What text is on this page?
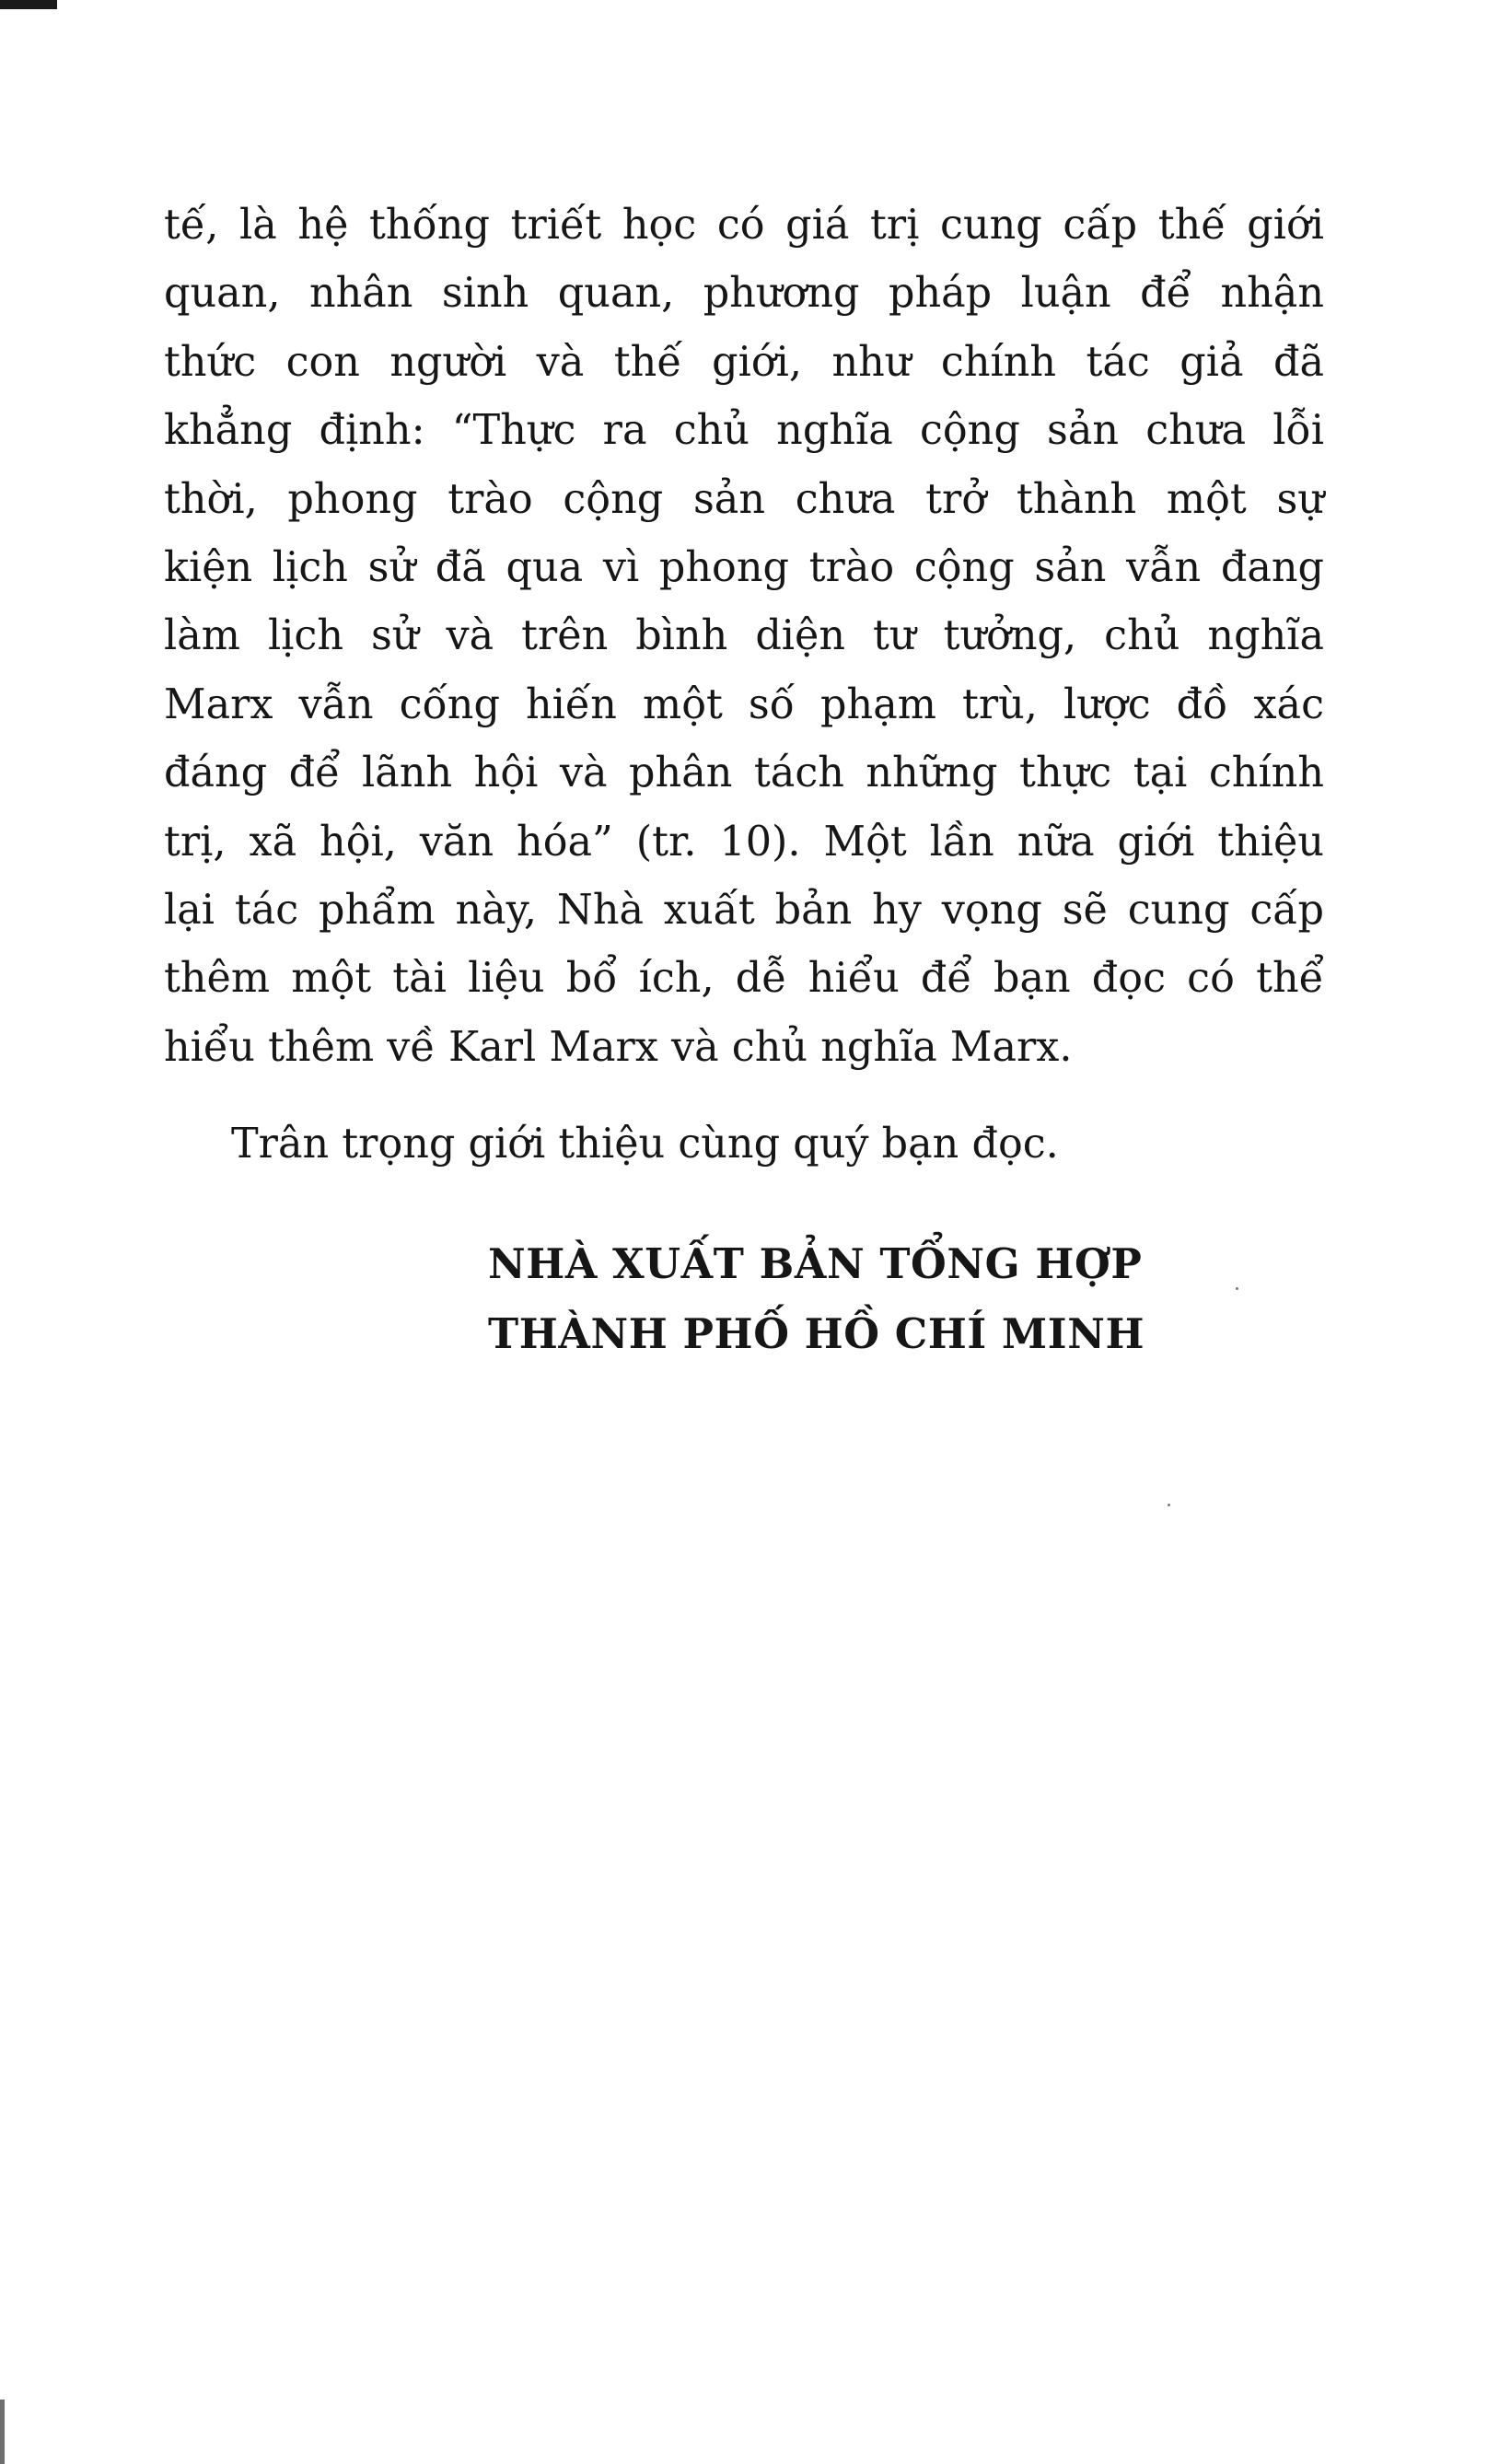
tế, là hệ thống triết học có giá trị cung cấp thế giới

quan, nhân sinh quan, phương pháp luận để nhận

thức con người và thế giới, như chính tác giả đã

khẳng định: “Thực ra chủ nghĩa cộng sản chưa lỗi

thời, phong trào cộng sản chưa trở thành một sự

kiện lịch sử đã qua vì phong trào cộng sản vẫn đang

làm lịch sử và trên bình diện tư tưởng, chủ nghĩa

Marx vẫn cống hiến một số phạm trù, lược đồ xác

đáng để lãnh hội và phân tách những thực tại chính

trị, xã hội, văn hóa” (tr. 10). Một lần nữa giới thiệu

lại tác phẩm này, Nhà xuất bản hy vọng sẽ cung cấp

thêm một tài liệu bổ ích, dễ hiểu để bạn đọc có thể

hiểu thêm về Karl Marx và chủ nghĩa Marx.

Trân trọng giới thiệu cùng quý bạn đọc.

NHÀ XUẤT BẢN TỔNG HỢP
THÀNH PHỐ HỒ CHÍ MINH
